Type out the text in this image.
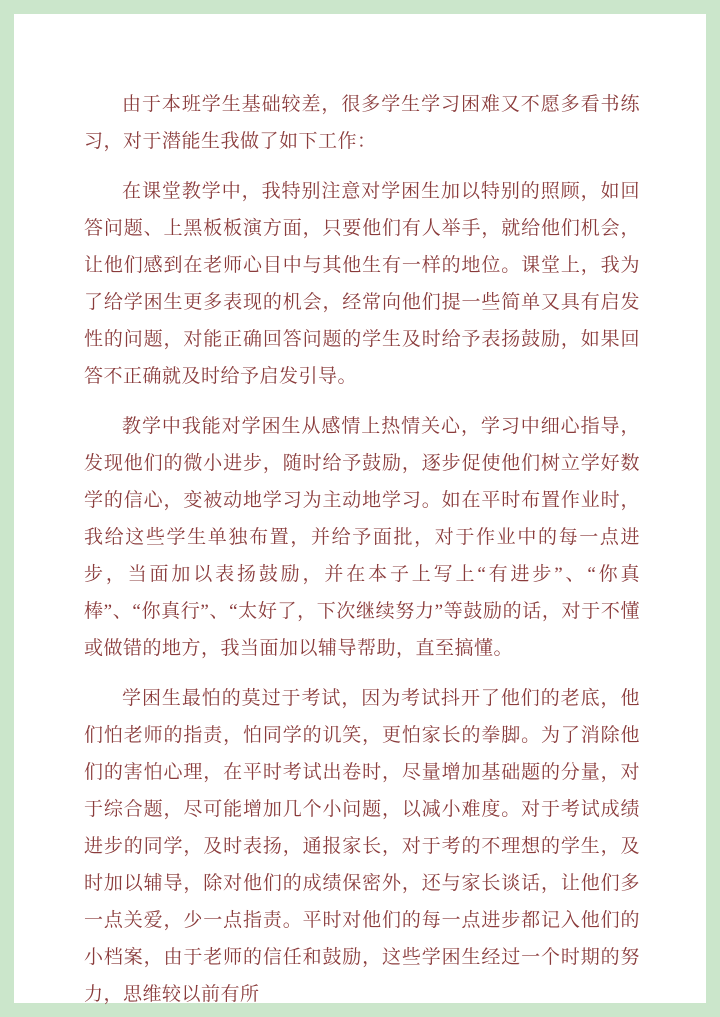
由于本班学生基础较差，很多学生学习困难又不愿多看书练习，对于潜能生我做了如下工作：

在课堂教学中，我特别注意对学困生加以特别的照顾，如回答问题、上黑板板演方面，只要他们有人举手，就给他们机会，让他们感到在老师心目中与其他生有一样的地位。课堂上，我为了给学困生更多表现的机会，经常向他们提一些简单又具有启发性的问题，对能正确回答问题的学生及时给予表扬鼓励，如果回答不正确就及时给予启发引导。

教学中我能对学困生从感情上热情关心，学习中细心指导，发现他们的微小进步，随时给予鼓励，逐步促使他们树立学好数学的信心，变被动地学习为主动地学习。如在平时布置作业时，我给这些学生单独布置，并给予面批，对于作业中的每一点进步，当面加以表扬鼓励，并在本子上写上“有进步”、“你真棒”、“你真行”、“太好了，下次继续努力”等鼓励的话，对于不懂或做错的地方，我当面加以辅导帮助，直至搞懂。

学困生最怕的莫过于考试，因为考试抖开了他们的老底，他们怕老师的指责，怕同学的讥笑，更怕家长的拳脚。为了消除他们的害怕心理，在平时考试出卷时，尽量增加基础题的分量，对于综合题，尽可能增加几个小问题，以减小难度。对于考试成绩进步的同学，及时表扬，通报家长，对于考的不理想的学生，及时加以辅导，除对他们的成绩保密外，还与家长谈话，让他们多一点关爱，少一点指责。平时对他们的每一点进步都记入他们的小档案，由于老师的信任和鼓励，这些学困生经过一个时期的努力，思维较以前有所
